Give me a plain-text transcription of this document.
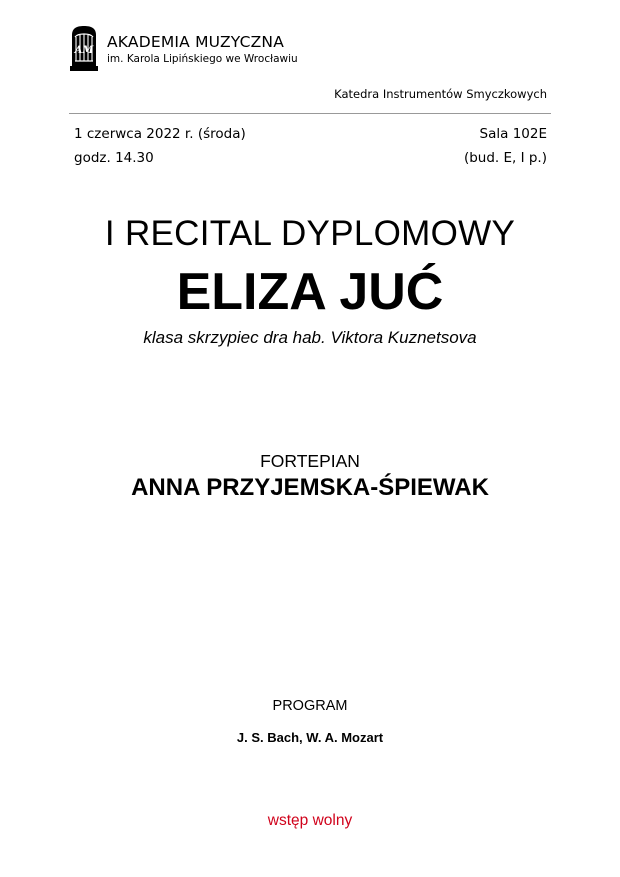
AM AKADEMIA MUZYCZNA
im. Karola Lipińskiego we Wrocławiu
Katedra Instrumentów Smyczkowych
1 czerwca 2022 r. (środa)
godz. 14.30
Sala 102E
(bud. E, I p.)
I RECITAL DYPLOMOWY
ELIZA JUĆ
klasa skrzypiec dra hab. Viktora Kuznetsova
FORTEPIAN
ANNA PRZYJEMSKA-ŚPIEWAK
PROGRAM
J. S. Bach, W. A. Mozart
wstęp wolny
